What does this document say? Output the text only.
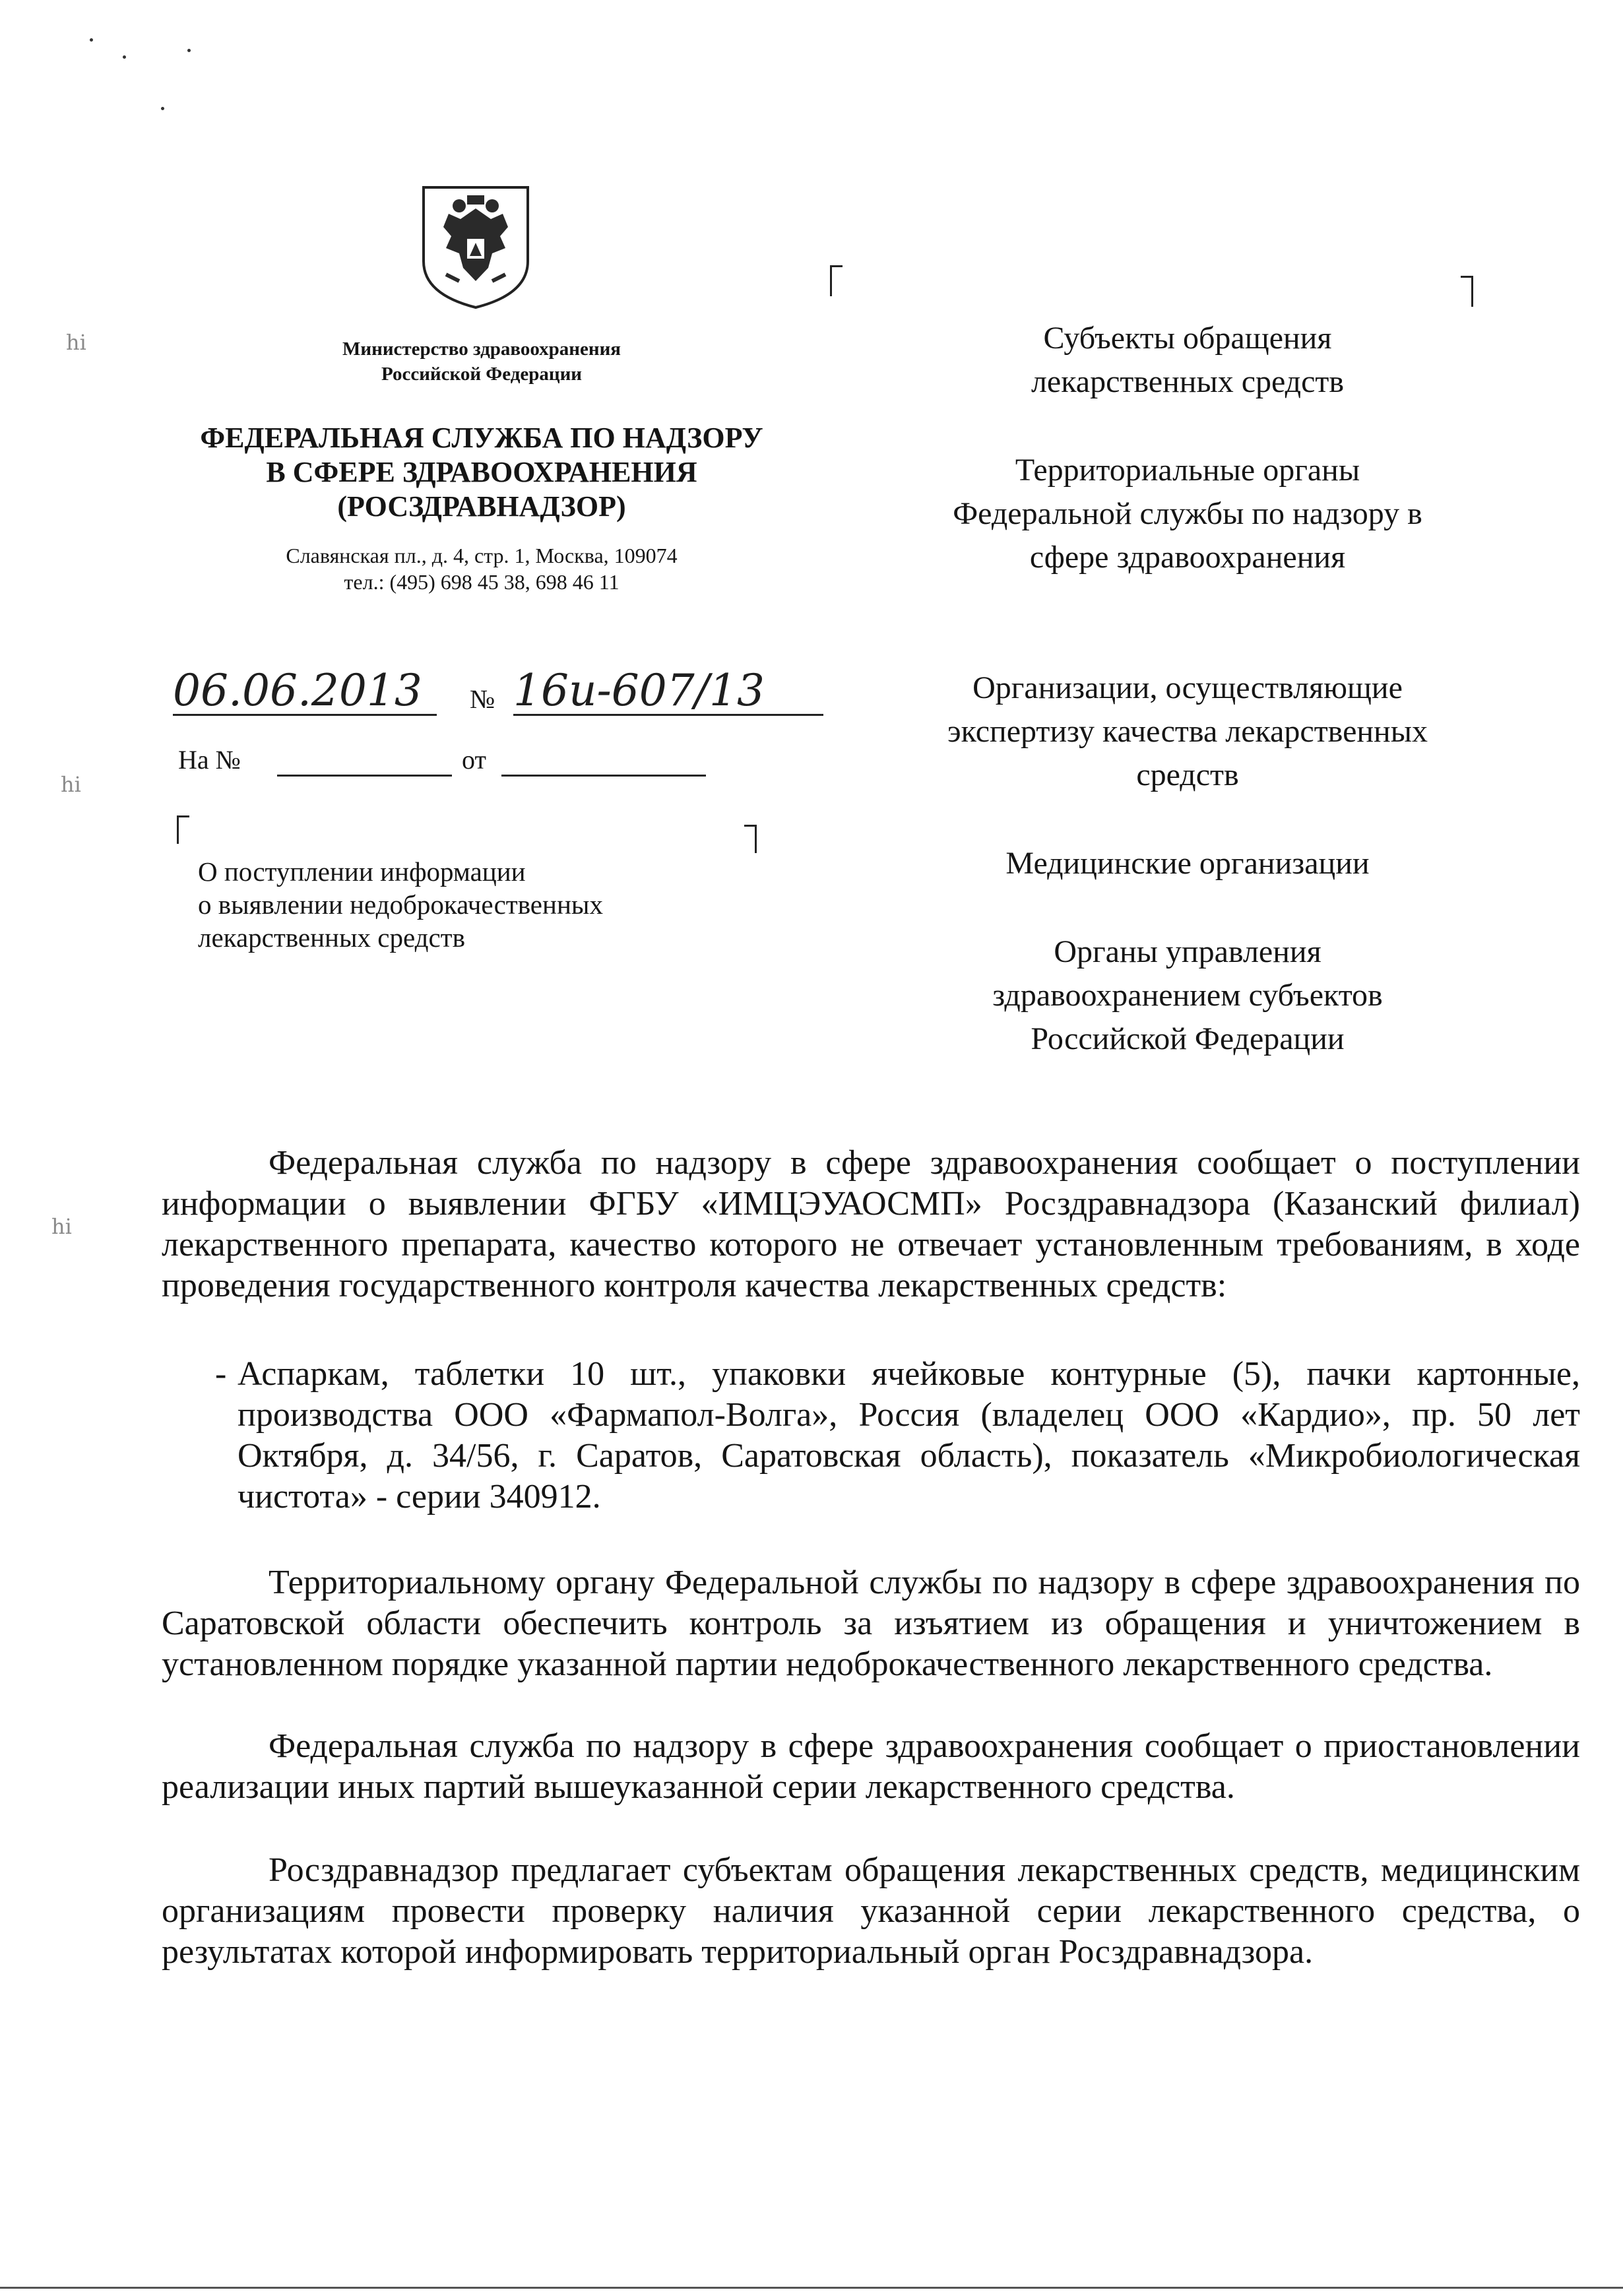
hi
hi
hi
Министерство здравоохранения
Российской Федерации
ФЕДЕРАЛЬНАЯ СЛУЖБА ПО НАДЗОРУ
В СФЕРЕ ЗДРАВООХРАНЕНИЯ
(РОСЗДРАВНАДЗОР)
Славянская пл., д. 4, стр. 1, Москва, 109074
тел.: (495) 698 45 38, 698 46 11
06.06.2013	№ 16и-607/13
На №	от
О поступлении информации
о выявлении недоброкачественных
лекарственных средств
Субъекты обращения
лекарственных средств
Территориальные органы
Федеральной службы по надзору в
сфере здравоохранения
Организации, осуществляющие
экспертизу качества лекарственных
средств
Медицинские организации
Органы управления
здравоохранением субъектов
Российской Федерации
Федеральная служба по надзору в сфере здравоохранения сообщает о поступлении информации о выявлении ФГБУ «ИМЦЭУАОСМП» Росздравнадзора (Казанский филиал) лекарственного препарата, качество которого не отвечает установленным требованиям, в ходе проведения государственного контроля качества лекарственных средств:
- Аспаркам, таблетки 10 шт., упаковки ячейковые контурные (5), пачки картонные, производства ООО «Фармапол-Волга», Россия (владелец ООО «Кардио», пр. 50 лет Октября, д. 34/56, г. Саратов, Саратовская область), показатель «Микробиологическая чистота» - серии 340912.
Территориальному органу Федеральной службы по надзору в сфере здравоохранения по Саратовской области обеспечить контроль за изъятием из обращения и уничтожением в установленном порядке указанной партии недоброкачественного лекарственного средства.
Федеральная служба по надзору в сфере здравоохранения сообщает о приостановлении реализации иных партий вышеуказанной серии лекарственного средства.
Росздравнадзор предлагает субъектам обращения лекарственных средств, медицинским организациям провести проверку наличия указанной серии лекарственного средства, о результатах которой информировать территориальный орган Росздравнадзора.
